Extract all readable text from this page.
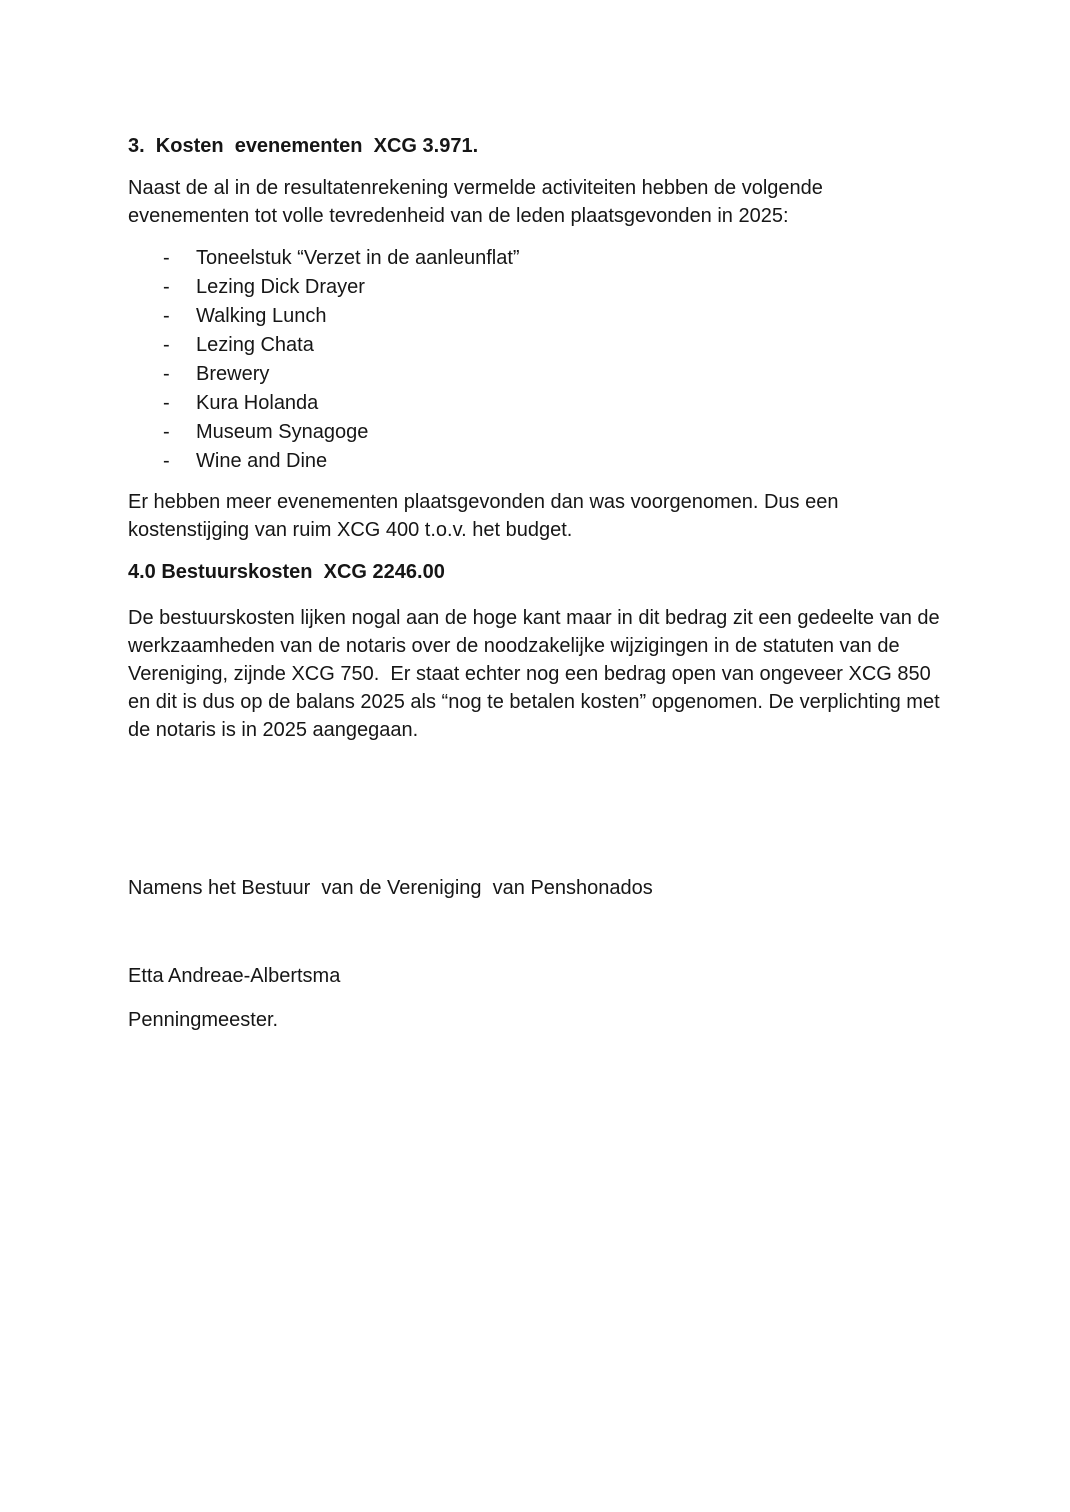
3.  Kosten  evenementen  XCG 3.971.

Naast de al in de resultatenrekening vermelde activiteiten hebben de volgende evenementen tot volle tevredenheid van de leden plaatsgevonden in 2025:

-	Toneelstuk “Verzet in de aanleunflat”
-	Lezing Dick Drayer
-	Walking Lunch
-	Lezing Chata
-	Brewery
-	Kura Holanda
-	Museum Synagoge
-	Wine and Dine

Er hebben meer evenementen plaatsgevonden dan was voorgenomen. Dus een kostenstijging van ruim XCG 400 t.o.v. het budget.

4.0 Bestuurskosten  XCG 2246.00

De bestuurskosten lijken nogal aan de hoge kant maar in dit bedrag zit een gedeelte van de werkzaamheden van de notaris over de noodzakelijke wijzigingen in de statuten van de Vereniging, zijnde XCG 750.  Er staat echter nog een bedrag open van ongeveer XCG 850 en dit is dus op de balans 2025 als “nog te betalen kosten” opgenomen. De verplichting met de notaris is in 2025 aangegaan.

Namens het Bestuur  van de Vereniging  van Penshonados

Etta Andreae-Albertsma

Penningmeester.
